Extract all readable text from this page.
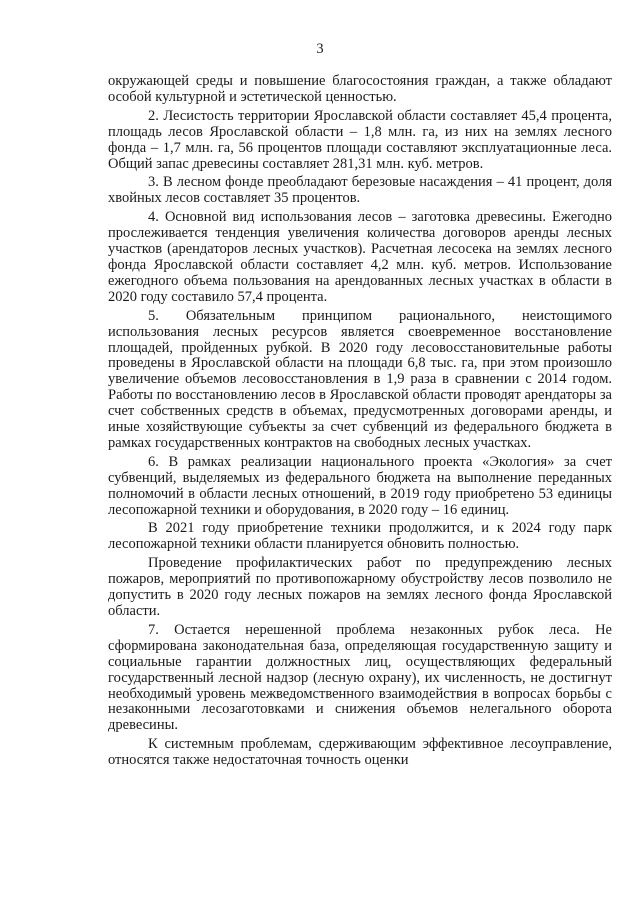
3

окружающей среды и повышение благосостояния граждан, а также обладают особой культурной и эстетической ценностью.

2. Лесистость территории Ярославской области составляет 45,4 процента, площадь лесов Ярославской области – 1,8 млн. га, из них на землях лесного фонда – 1,7 млн. га, 56 процентов площади составляют эксплуатационные леса. Общий запас древесины составляет 281,31 млн. куб. метров.

3. В лесном фонде преобладают березовые насаждения – 41 процент, доля хвойных лесов составляет 35 процентов.

4. Основной вид использования лесов – заготовка древесины. Ежегодно прослеживается тенденция увеличения количества договоров аренды лесных участков (арендаторов лесных участков). Расчетная лесосека на землях лесного фонда Ярославской области составляет 4,2 млн. куб. метров. Использование ежегодного объема пользования на арендованных лесных участках в области в 2020 году составило 57,4 процента.

5. Обязательным принципом рационального, неистощимого использования лесных ресурсов является своевременное восстановление площадей, пройденных рубкой. В 2020 году лесовосстановительные работы проведены в Ярославской области на площади 6,8 тыс. га, при этом произошло увеличение объемов лесовосстановления в 1,9 раза в сравнении с 2014 годом. Работы по восстановлению лесов в Ярославской области проводят арендаторы за счет собственных средств в объемах, предусмотренных договорами аренды, и иные хозяйствующие субъекты за счет субвенций из федерального бюджета в рамках государственных контрактов на свободных лесных участках.

6. В рамках реализации национального проекта «Экология» за счет субвенций, выделяемых из федерального бюджета на выполнение переданных полномочий в области лесных отношений, в 2019 году приобретено 53 единицы лесопожарной техники и оборудования, в 2020 году – 16 единиц.

В 2021 году приобретение техники продолжится, и к 2024 году парк лесопожарной техники области планируется обновить полностью.

Проведение профилактических работ по предупреждению лесных пожаров, мероприятий по противопожарному обустройству лесов позволило не допустить в 2020 году лесных пожаров на землях лесного фонда Ярославской области.

7. Остается нерешенной проблема незаконных рубок леса. Не сформирована законодательная база, определяющая государственную защиту и социальные гарантии должностных лиц, осуществляющих федеральный государственный лесной надзор (лесную охрану), их численность, не достигнут необходимый уровень межведомственного взаимодействия в вопросах борьбы с незаконными лесозаготовками и снижения объемов нелегального оборота древесины.

К системным проблемам, сдерживающим эффективное лесоуправление, относятся также недостаточная точность оценки
